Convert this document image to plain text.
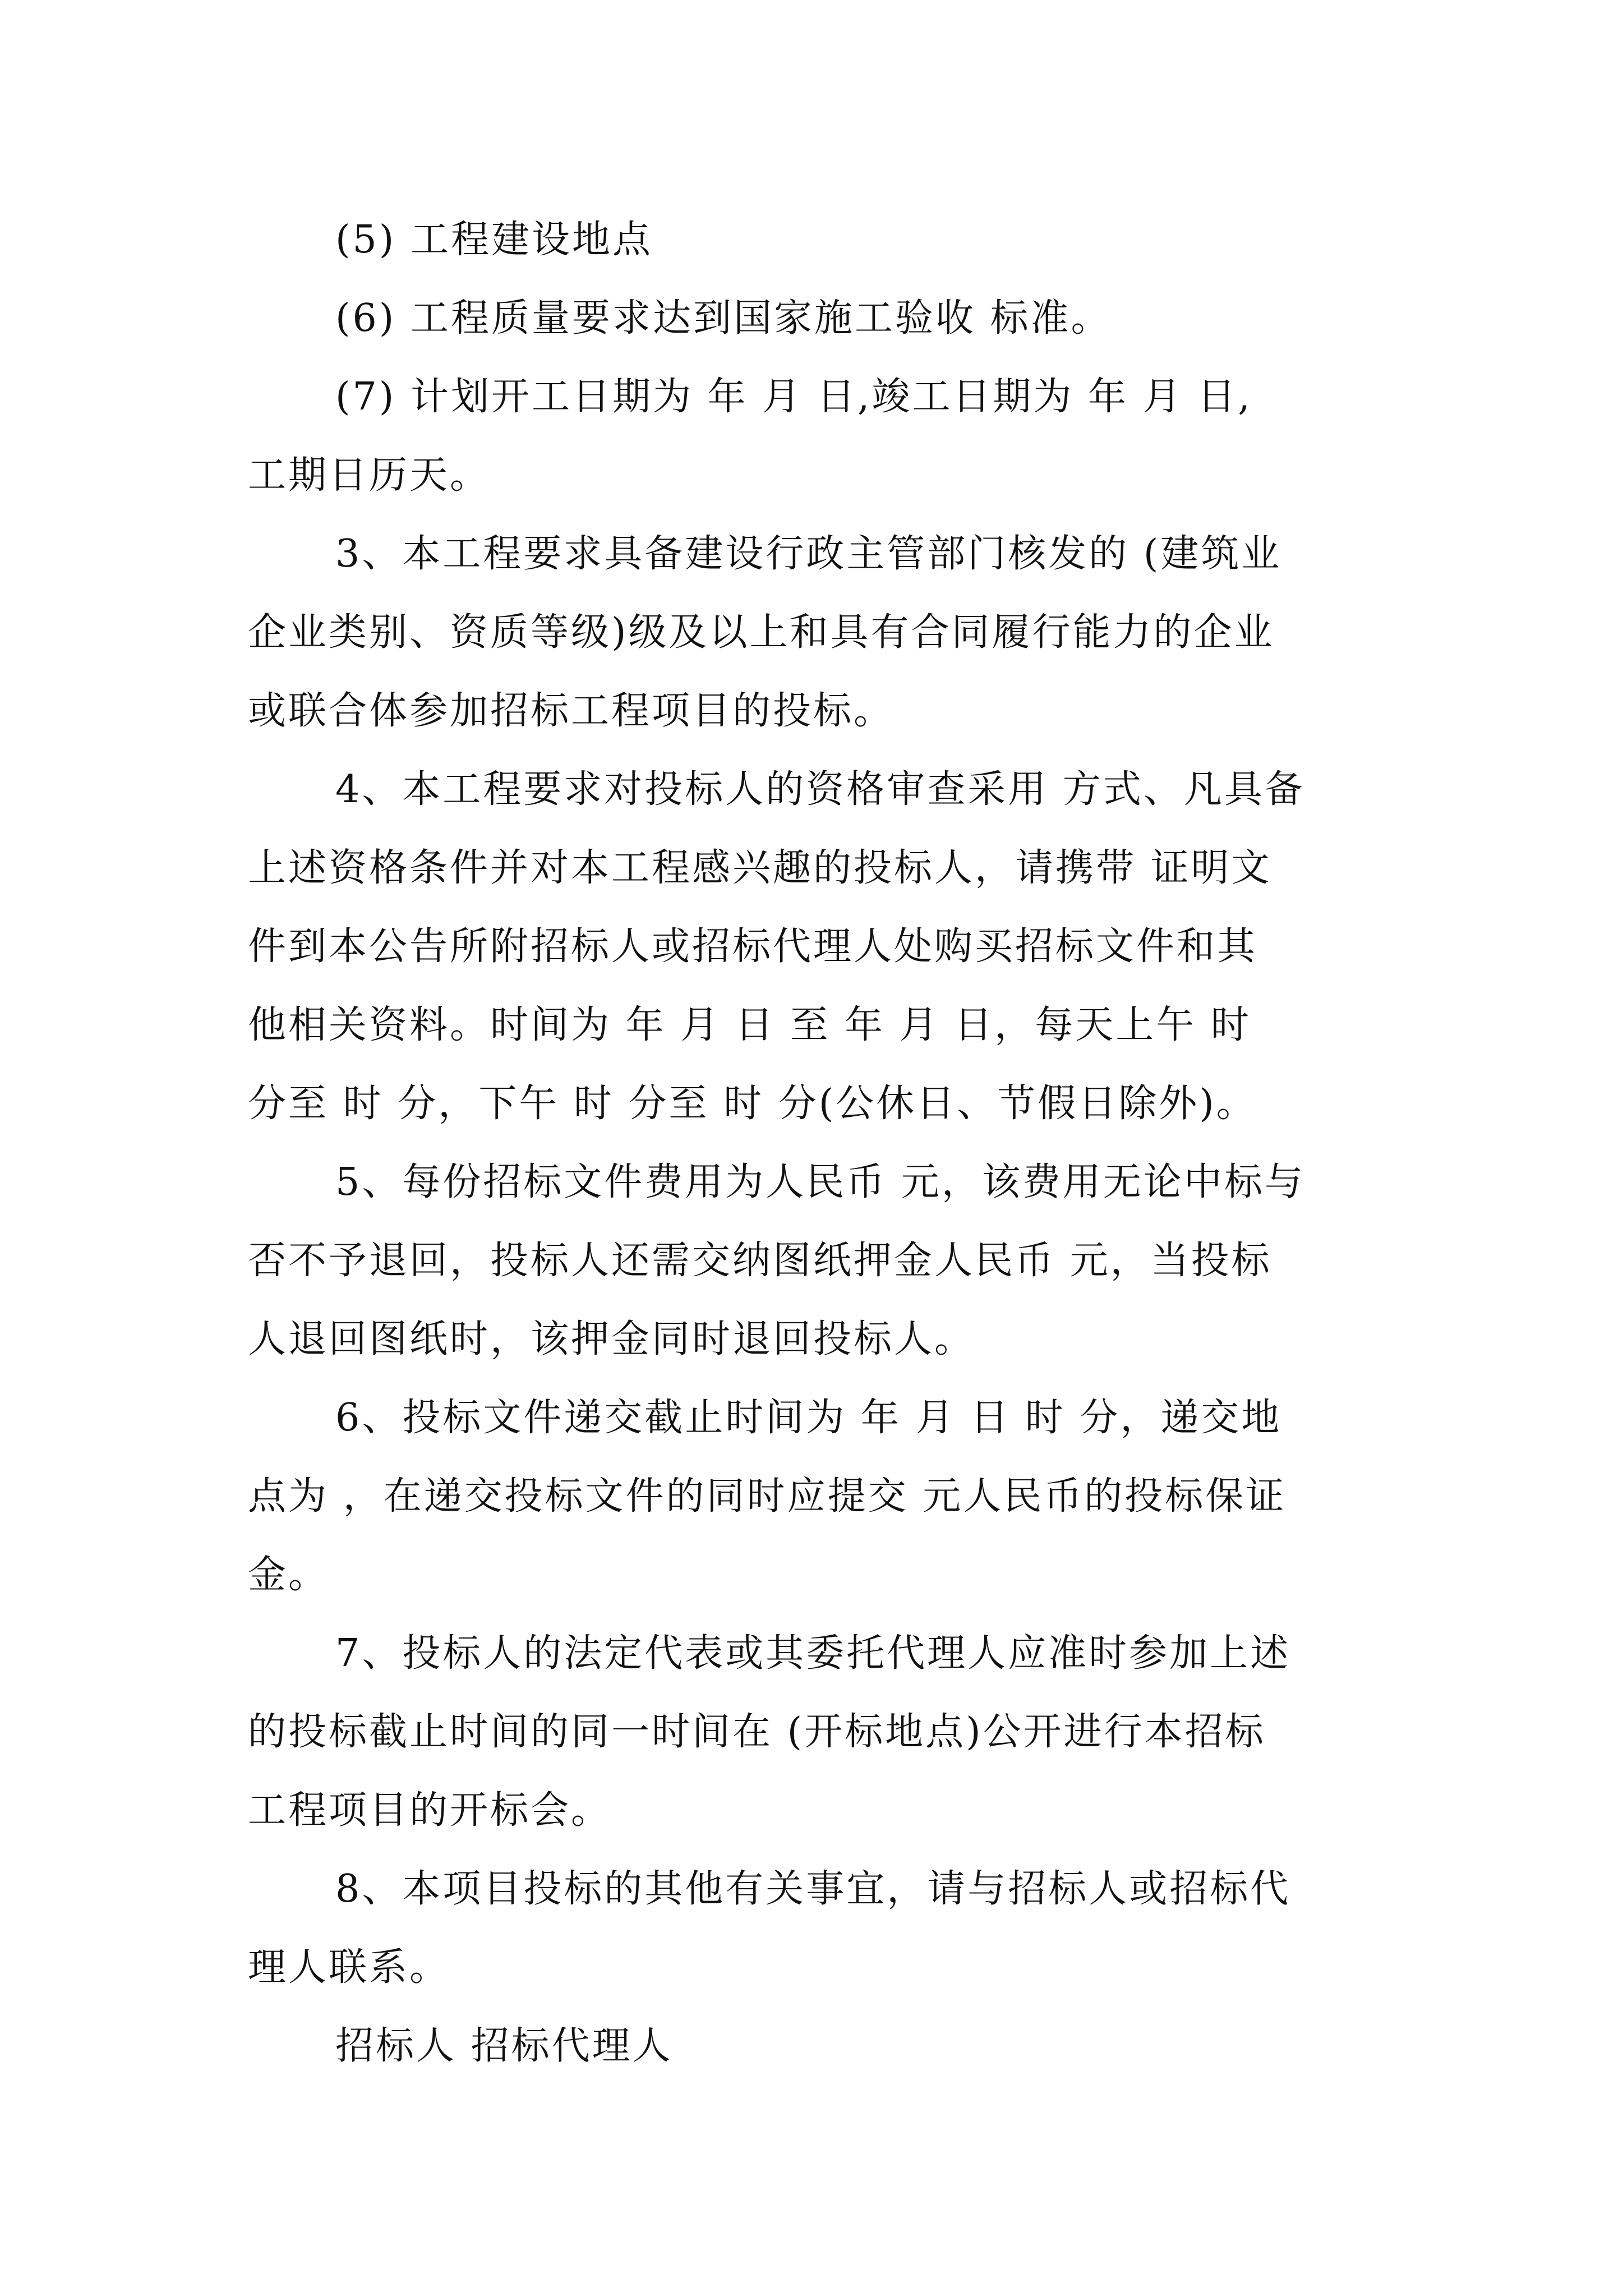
(5) 工程建设地点
(6) 工程质量要求达到国家施工验收 标准。
(7) 计划开工日期为 年 月 日,竣工日期为 年 月 日,
工期日历天。
3、本工程要求具备建设行政主管部门核发的 (建筑业
企业类别、资质等级)级及以上和具有合同履行能力的企业
或联合体参加招标工程项目的投标。
4、本工程要求对投标人的资格审查采用 方式、凡具备
上述资格条件并对本工程感兴趣的投标人，请携带 证明文
件到本公告所附招标人或招标代理人处购买招标文件和其
他相关资料。时间为 年 月 日 至 年 月 日，每天上午 时
分至 时 分，下午 时 分至 时 分(公休日、节假日除外)。
5、每份招标文件费用为人民币 元，该费用无论中标与
否不予退回，投标人还需交纳图纸押金人民币 元，当投标
人退回图纸时，该押金同时退回投标人。
6、投标文件递交截止时间为 年 月 日 时 分，递交地
点为 ，在递交投标文件的同时应提交 元人民币的投标保证
金。
7、投标人的法定代表或其委托代理人应准时参加上述
的投标截止时间的同一时间在 (开标地点)公开进行本招标
工程项目的开标会。
8、本项目投标的其他有关事宜，请与招标人或招标代
理人联系。
招标人 招标代理人
